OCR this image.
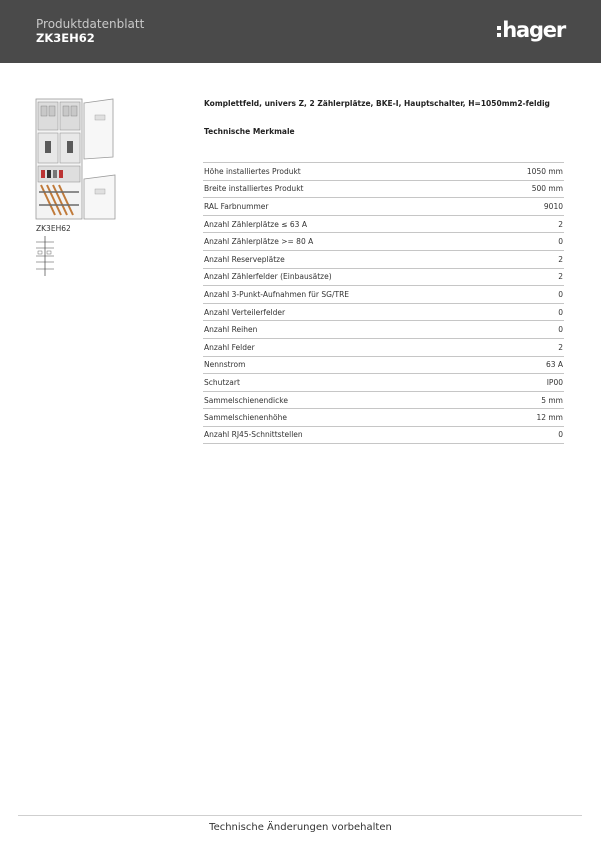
Produktdatenblatt
ZK3EH62	hager
ZK3EH62
Komplettfeld, univers Z, 2 Zählerplätze, BKE-I, Hauptschalter, H=1050mm2-feldig
Technische Merkmale
Höhe installiertes Produkt	1050 mm
Breite installiertes Produkt	500 mm
RAL Farbnummer	9010
Anzahl Zählerplätze ≤ 63 A	2
Anzahl Zählerplätze >= 80 A	0
Anzahl Reserveplätze	2
Anzahl Zählerfelder (Einbausätze)	2
Anzahl 3-Punkt-Aufnahmen für SG/TRE	0
Anzahl Verteilerfelder	0
Anzahl Reihen	0
Anzahl Felder	2
Nennstrom	63 A
Schutzart	IP00
Sammelschienendicke	5 mm
Sammelschienenhöhe	12 mm
Anzahl RJ45-Schnittstellen	0
Technische Änderungen vorbehalten
